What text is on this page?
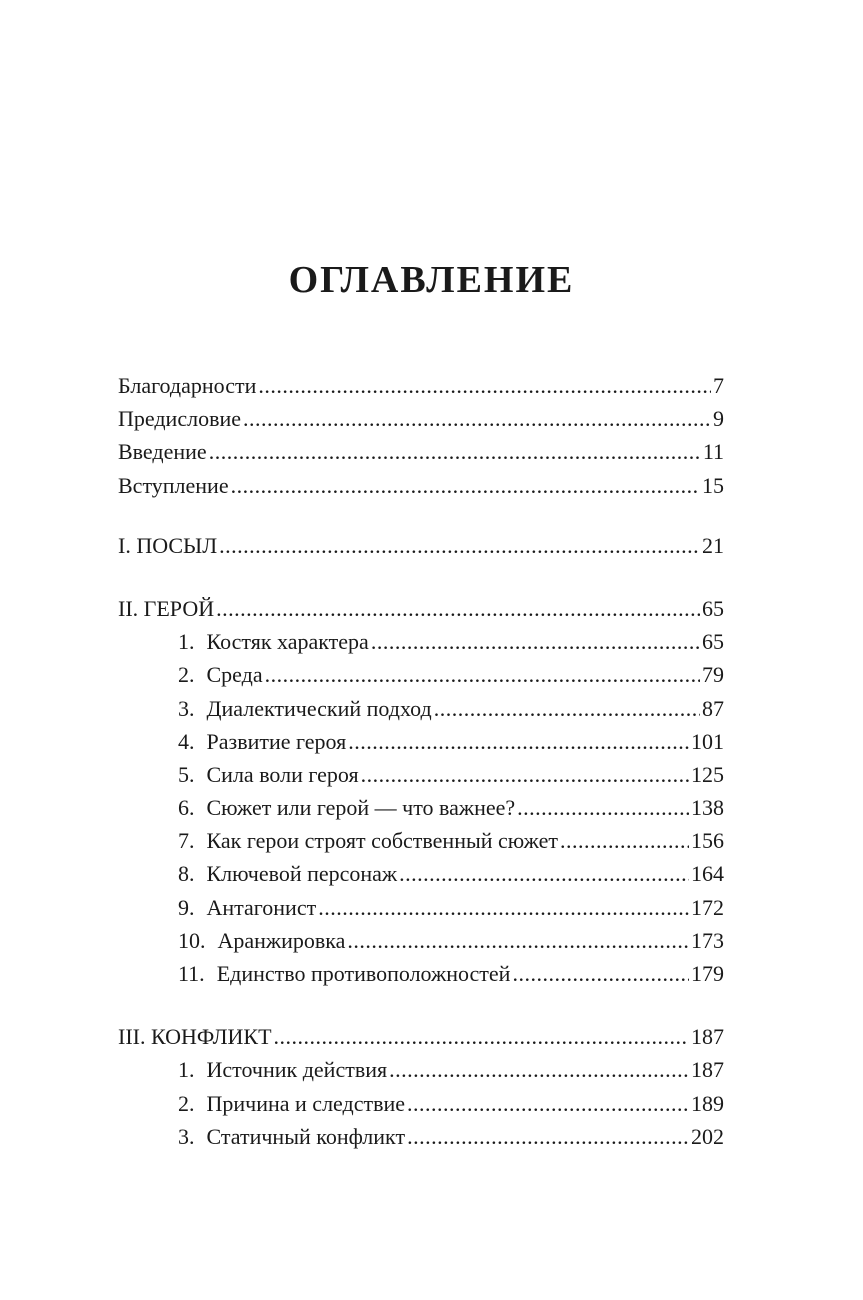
ОГЛАВЛЕНИЕ
Благодарности .....	7
Предисловие .....	9
Введение .....	11
Вступление .....	15
I. ПОСЫЛ .....	21
II. ГЕРОЙ .....	65
1. Костяк характера .....	65
2. Среда .....	79
3. Диалектический подход .....	87
4. Развитие героя .....	101
5. Сила воли героя .....	125
6. Сюжет или герой — что важнее? .....	138
7. Как герои строят собственный сюжет .....	156
8. Ключевой персонаж .....	164
9. Антагонист .....	172
10. Аранжировка .....	173
11. Единство противоположностей .....	179
III. КОНФЛИКТ .....	187
1. Источник действия .....	187
2. Причина и следствие .....	189
3. Статичный конфликт .....	202
